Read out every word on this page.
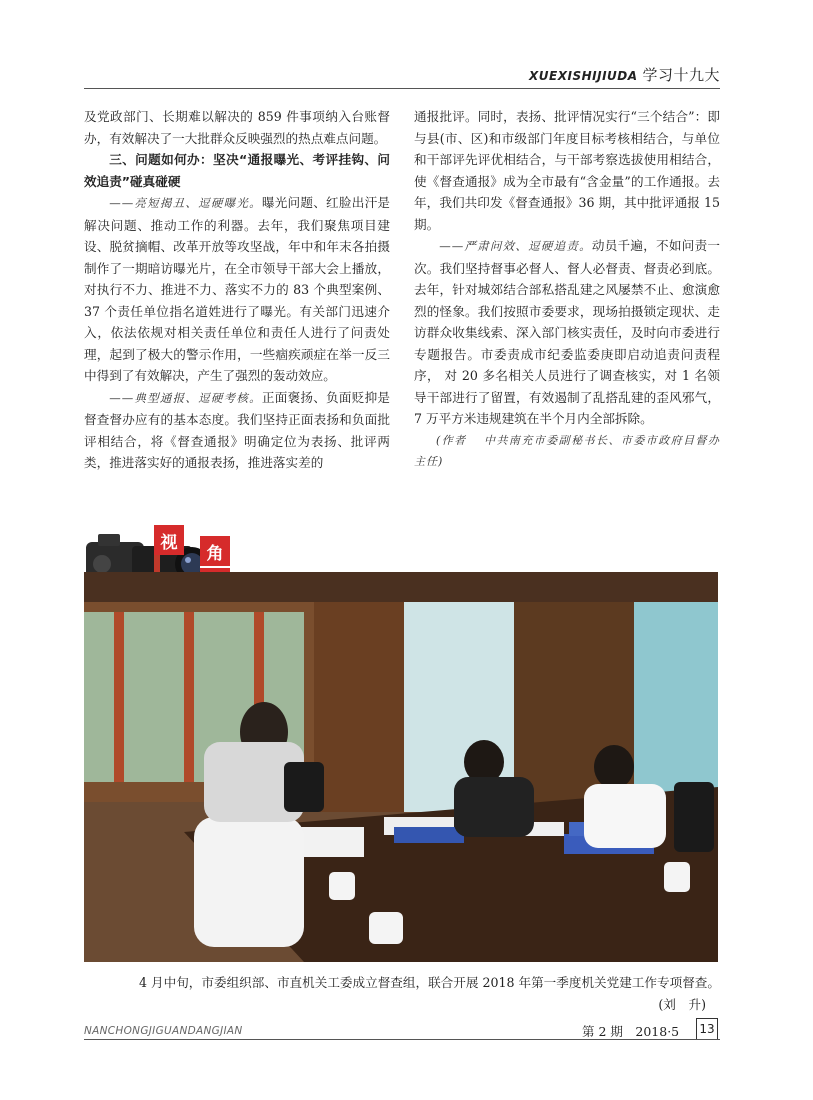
XUEXISHIJIUDA 学习十九大

及党政部门、长期难以解决的 859 件事项纳入台账督办，有效解决了一大批群众反映强烈的热点难点问题。

三、问题如何办：坚决“通报曝光、考评挂钩、问效追责”碰真碰硬

——亮短揭丑、逗硬曝光。曝光问题、红脸出汗是解决问题、推动工作的利器。去年，我们聚焦项目建设、脱贫摘帽、改革开放等攻坚战，年中和年末各拍摄制作了一期暗访曝光片，在全市领导干部大会上播放，对执行不力、推进不力、落实不力的 83 个典型案例、37 个责任单位指名道姓进行了曝光。有关部门迅速介入，依法依规对相关责任单位和责任人进行了问责处理，起到了极大的警示作用，一些痼疾顽症在举一反三中得到了有效解决，产生了强烈的轰动效应。

——典型通报、逗硬考核。正面褒扬、负面贬抑是督查督办应有的基本态度。我们坚持正面表扬和负面批评相结合，将《督查通报》明确定位为表扬、批评两类，推进落实好的通报表扬，推进落实差的

通报批评。同时，表扬、批评情况实行“三个结合”：即与县(市、区)和市级部门年度目标考核相结合，与单位和干部评先评优相结合，与干部考察选拔使用相结合，使《督查通报》成为全市最有“含金量”的工作通报。去年，我们共印发《督查通报》36 期，其中批评通报 15 期。

——严肃问效、逗硬追责。动员千遍，不如问责一次。我们坚持督事必督人、督人必督责、督责必到底。去年，针对城郊结合部私搭乱建之风屡禁不止、愈演愈烈的怪象。我们按照市委要求，现场拍摄锁定现状、走访群众收集线索、深入部门核实责任，及时向市委进行专题报告。市委责成市纪委监委庚即启动追责问责程序， 对 20 多名相关人员进行了调查核实，对 1 名领导干部进行了留置，有效遏制了乱搭乱建的歪风邪气，7 万平方米违规建筑在半个月内全部拆除。

(作者　 中共南充市委副秘书长、市委市政府目督办主任)

视
角
4 月中旬，市委组织部、市直机关工委成立督查组，联合开展 2018 年第一季度机关党建工作专项督查。
(刘　升)
NANCHONGJIGUANDANGJIAN	第 2 期　2018·5 13
